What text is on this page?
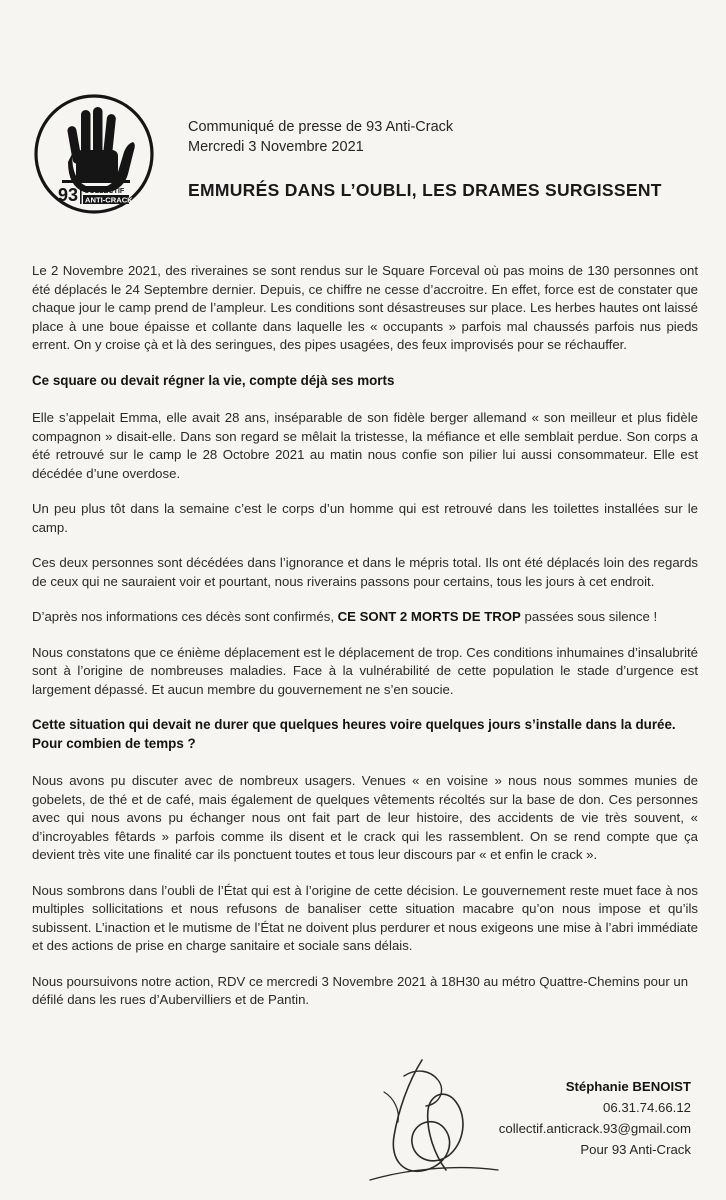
93 COLLECTIF
ANTI-CRACK
Communiqué de presse de 93 Anti-Crack
Mercredi 3 Novembre 2021
EMMURÉS DANS L’OUBLI, LES DRAMES SURGISSENT

Le 2 Novembre 2021, des riveraines se sont rendus sur le Square Forceval où pas moins de 130 personnes ont été déplacés le 24 Septembre dernier. Depuis, ce chiffre ne cesse d’accroitre. En effet, force est de constater que chaque jour le camp prend de l’ampleur. Les conditions sont désastreuses sur place. Les herbes hautes ont laissé place à une boue épaisse et collante dans laquelle les « occupants » parfois mal chaussés parfois nus pieds errent. On y croise çà et là des seringues, des pipes usagées, des feux improvisés pour se réchauffer.

Ce square ou devait régner la vie, compte déjà ses morts

Elle s’appelait Emma, elle avait 28 ans, inséparable de son fidèle berger allemand « son meilleur et plus fidèle compagnon » disait-elle. Dans son regard se mêlait la tristesse, la méfiance et elle semblait perdue. Son corps a été retrouvé sur le camp le 28 Octobre 2021 au matin nous confie son pilier lui aussi consommateur. Elle est décédée d’une overdose.

Un peu plus tôt dans la semaine c’est le corps d’un homme qui est retrouvé dans les toilettes installées sur le camp.

Ces deux personnes sont décédées dans l’ignorance et dans le mépris total. Ils ont été déplacés loin des regards de ceux qui ne sauraient voir et pourtant, nous riverains passons pour certains, tous les jours à cet endroit.

D’après nos informations ces décès sont confirmés, CE SONT 2 MORTS DE TROP passées sous silence !

Nous constatons que ce énième déplacement est le déplacement de trop. Ces conditions inhumaines d’insalubrité sont à l’origine de nombreuses maladies. Face à la vulnérabilité de cette population le stade d’urgence est largement dépassé. Et aucun membre du gouvernement ne s’en soucie.

Cette situation qui devait ne durer que quelques heures voire quelques jours s’installe dans la durée. Pour combien de temps ?

Nous avons pu discuter avec de nombreux usagers. Venues « en voisine » nous nous sommes munies de gobelets, de thé et de café, mais également de quelques vêtements récoltés sur la base de don. Ces personnes avec qui nous avons pu échanger nous ont fait part de leur histoire, des accidents de vie très souvent, « d’incroyables fêtards » parfois comme ils disent et le crack qui les rassemblent. On se rend compte que ça devient très vite une finalité car ils ponctuent toutes et tous leur discours par « et enfin le crack ».

Nous sombrons dans l’oubli de l’État qui est à l’origine de cette décision. Le gouvernement reste muet face à nos multiples sollicitations et nous refusons de banaliser cette situation macabre qu’on nous impose et qu’ils subissent. L’inaction et le mutisme de l’État ne doivent plus perdurer et nous exigeons une mise à l’abri immédiate et des actions de prise en charge sanitaire et sociale sans délais.

Nous poursuivons notre action, RDV ce mercredi 3 Novembre 2021 à 18H30 au métro Quattre-Chemins pour un défilé dans les rues d’Aubervilliers et de Pantin.

Stéphanie BENOIST
06.31.74.66.12
collectif.anticrack.93@gmail.com
Pour 93 Anti-Crack
